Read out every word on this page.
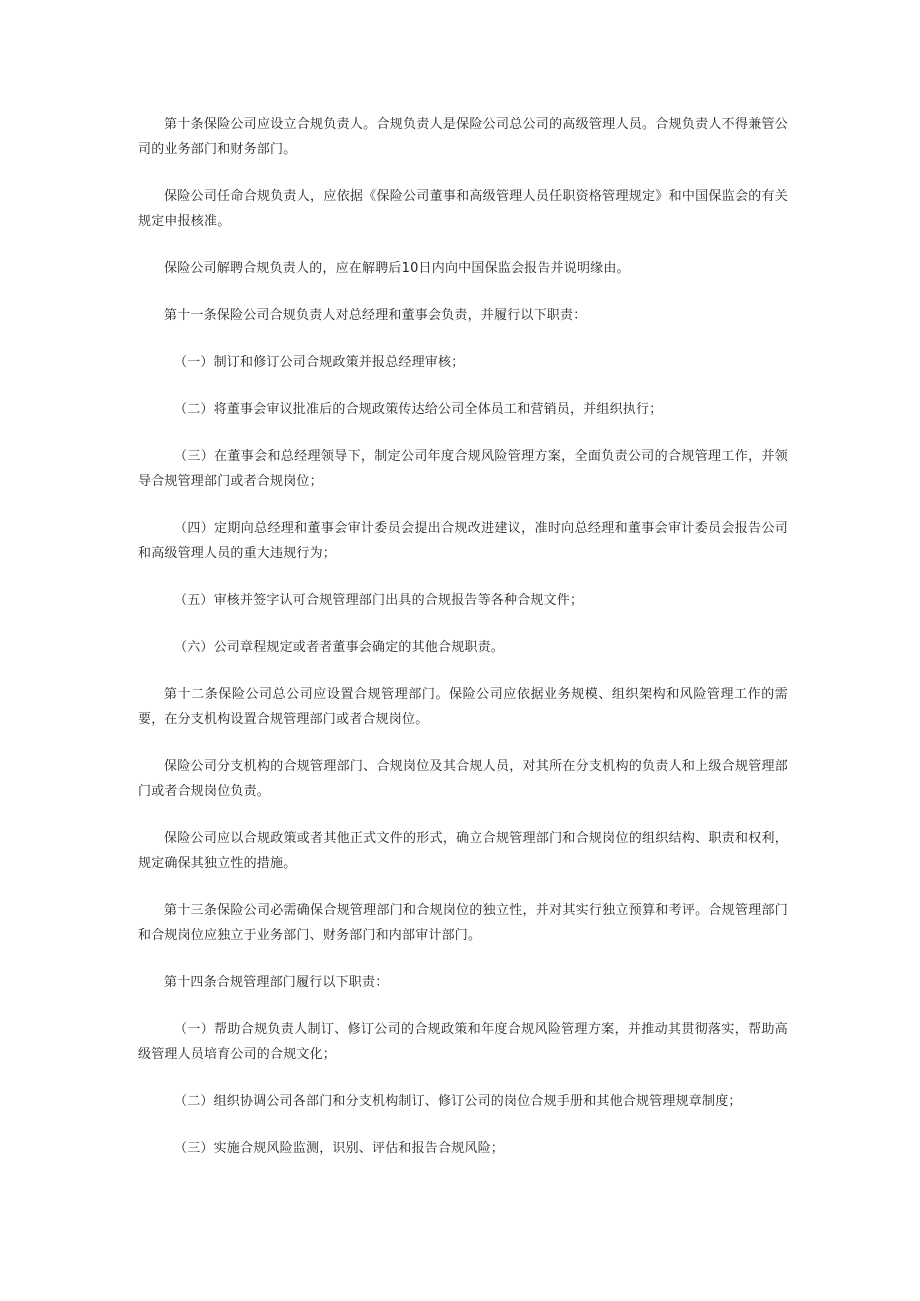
第十条保险公司应设立合规负责人。合规负责人是保险公司总公司的高级管理人员。合规负责人不得兼管公司的业务部门和财务部门。

保险公司任命合规负责人，应依据《保险公司董事和高级管理人员任职资格管理规定》和中国保监会的有关规定申报核准。

保险公司解聘合规负责人的，应在解聘后10日内向中国保监会报告并说明缘由。

第十一条保险公司合规负责人对总经理和董事会负责，并履行以下职责：

（一）制订和修订公司合规政策并报总经理审核；

（二）将董事会审议批准后的合规政策传达给公司全体员工和营销员，并组织执行；

（三）在董事会和总经理领导下，制定公司年度合规风险管理方案，全面负责公司的合规管理工作，并领导合规管理部门或者合规岗位；

（四）定期向总经理和董事会审计委员会提出合规改进建议，准时向总经理和董事会审计委员会报告公司和高级管理人员的重大违规行为；

（五）审核并签字认可合规管理部门出具的合规报告等各种合规文件；

（六）公司章程规定或者者董事会确定的其他合规职责。

第十二条保险公司总公司应设置合规管理部门。保险公司应依据业务规模、组织架构和风险管理工作的需要，在分支机构设置合规管理部门或者合规岗位。

保险公司分支机构的合规管理部门、合规岗位及其合规人员，对其所在分支机构的负责人和上级合规管理部门或者合规岗位负责。

保险公司应以合规政策或者其他正式文件的形式，确立合规管理部门和合规岗位的组织结构、职责和权利，规定确保其独立性的措施。

第十三条保险公司必需确保合规管理部门和合规岗位的独立性，并对其实行独立预算和考评。合规管理部门和合规岗位应独立于业务部门、财务部门和内部审计部门。

第十四条合规管理部门履行以下职责：

（一）帮助合规负责人制订、修订公司的合规政策和年度合规风险管理方案，并推动其贯彻落实，帮助高级管理人员培育公司的合规文化；

（二）组织协调公司各部门和分支机构制订、修订公司的岗位合规手册和其他合规管理规章制度；

（三）实施合规风险监测，识别、评估和报告合规风险；
